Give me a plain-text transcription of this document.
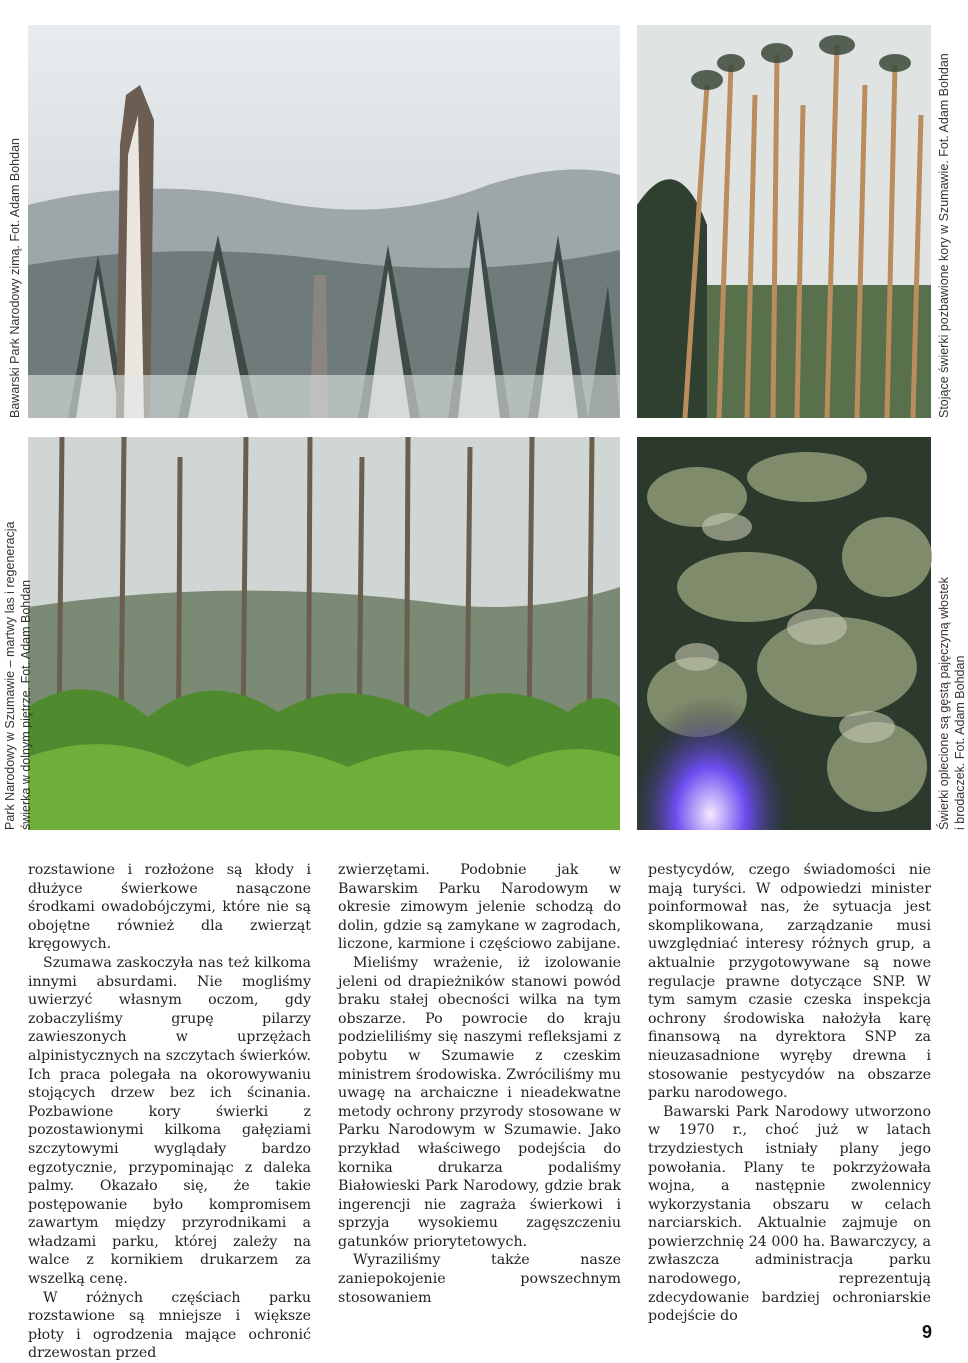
Bawarski Park Narodowy zimą. Fot. Adam Bohdan	Stojące świerki pozbawione kory w Szumawie. Fot. Adam Bohdan
Park Narodowy w Szumawie – martwy las i regeneracja świerka w dolnym piętrze. Fot. Adam Bohdan	Świerki oplecione są gęstą pajęczyną włostek i brodaczek. Fot. Adam Bohdan

rozstawione i rozłożone są kłody i dłużyce świerkowe nasączone środkami owadobójczymi, które nie są obojętne również dla zwierząt kręgowych.

Szumawa zaskoczyła nas też kilkoma innymi absurdami. Nie mogliśmy uwierzyć własnym oczom, gdy zobaczyliśmy grupę pilarzy zawieszonych w uprzężach alpinistycznych na szczytach świerków. Ich praca polegała na okorowywaniu stojących drzew bez ich ścinania. Pozbawione kory świerki z pozostawionymi kilkoma gałęziami szczytowymi wyglądały bardzo egzotycznie, przypominając z daleka palmy. Okazało się, że takie postępowanie było kompromisem zawartym między przyrodnikami a władzami parku, której zależy na walce z kornikiem drukarzem za wszelką cenę.

W różnych częściach parku rozstawione są mniejsze i większe płoty i ogrodzenia mające ochronić drzewostan przed

zwierzętami. Podobnie jak w Bawarskim Parku Narodowym w okresie zimowym jelenie schodzą do dolin, gdzie są zamykane w zagrodach, liczone, karmione i częściowo zabijane.

Mieliśmy wrażenie, iż izolowanie jeleni od drapieżników stanowi powód braku stałej obecności wilka na tym obszarze. Po powrocie do kraju podzieliliśmy się naszymi refleksjami z pobytu w Szumawie z czeskim ministrem środowiska. Zwróciliśmy mu uwagę na archaiczne i nieadekwatne metody ochrony przyrody stosowane w Parku Narodowym w Szumawie. Jako przykład właściwego podejścia do kornika drukarza podaliśmy Białowieski Park Narodowy, gdzie brak ingerencji nie zagraża świerkowi i sprzyja wysokiemu zagęszczeniu gatunków priorytetowych.

Wyraziliśmy także nasze zaniepokojenie powszechnym stosowaniem

pestycydów, czego świadomości nie mają turyści. W odpowiedzi minister poinformował nas, że sytuacja jest skomplikowana, zarządzanie musi uwzględniać interesy różnych grup, a aktualnie przygotowywane są nowe regulacje prawne dotyczące SNP. W tym samym czasie czeska inspekcja ochrony środowiska nałożyła karę finansową na dyrektora SNP za nieuzasadnione wyręby drewna i stosowanie pestycydów na obszarze parku narodowego.

Bawarski Park Narodowy utworzono w 1970 r., choć już w latach trzydziestych istniały plany jego powołania. Plany te pokrzyżowała wojna, a następnie zwolennicy wykorzystania obszaru w celach narciarskich. Aktualnie zajmuje on powierzchnię 24 000 ha. Bawarczycy, a zwłaszcza administracja parku narodowego, reprezentują zdecydowanie bardziej ochroniarskie podejście do

9
